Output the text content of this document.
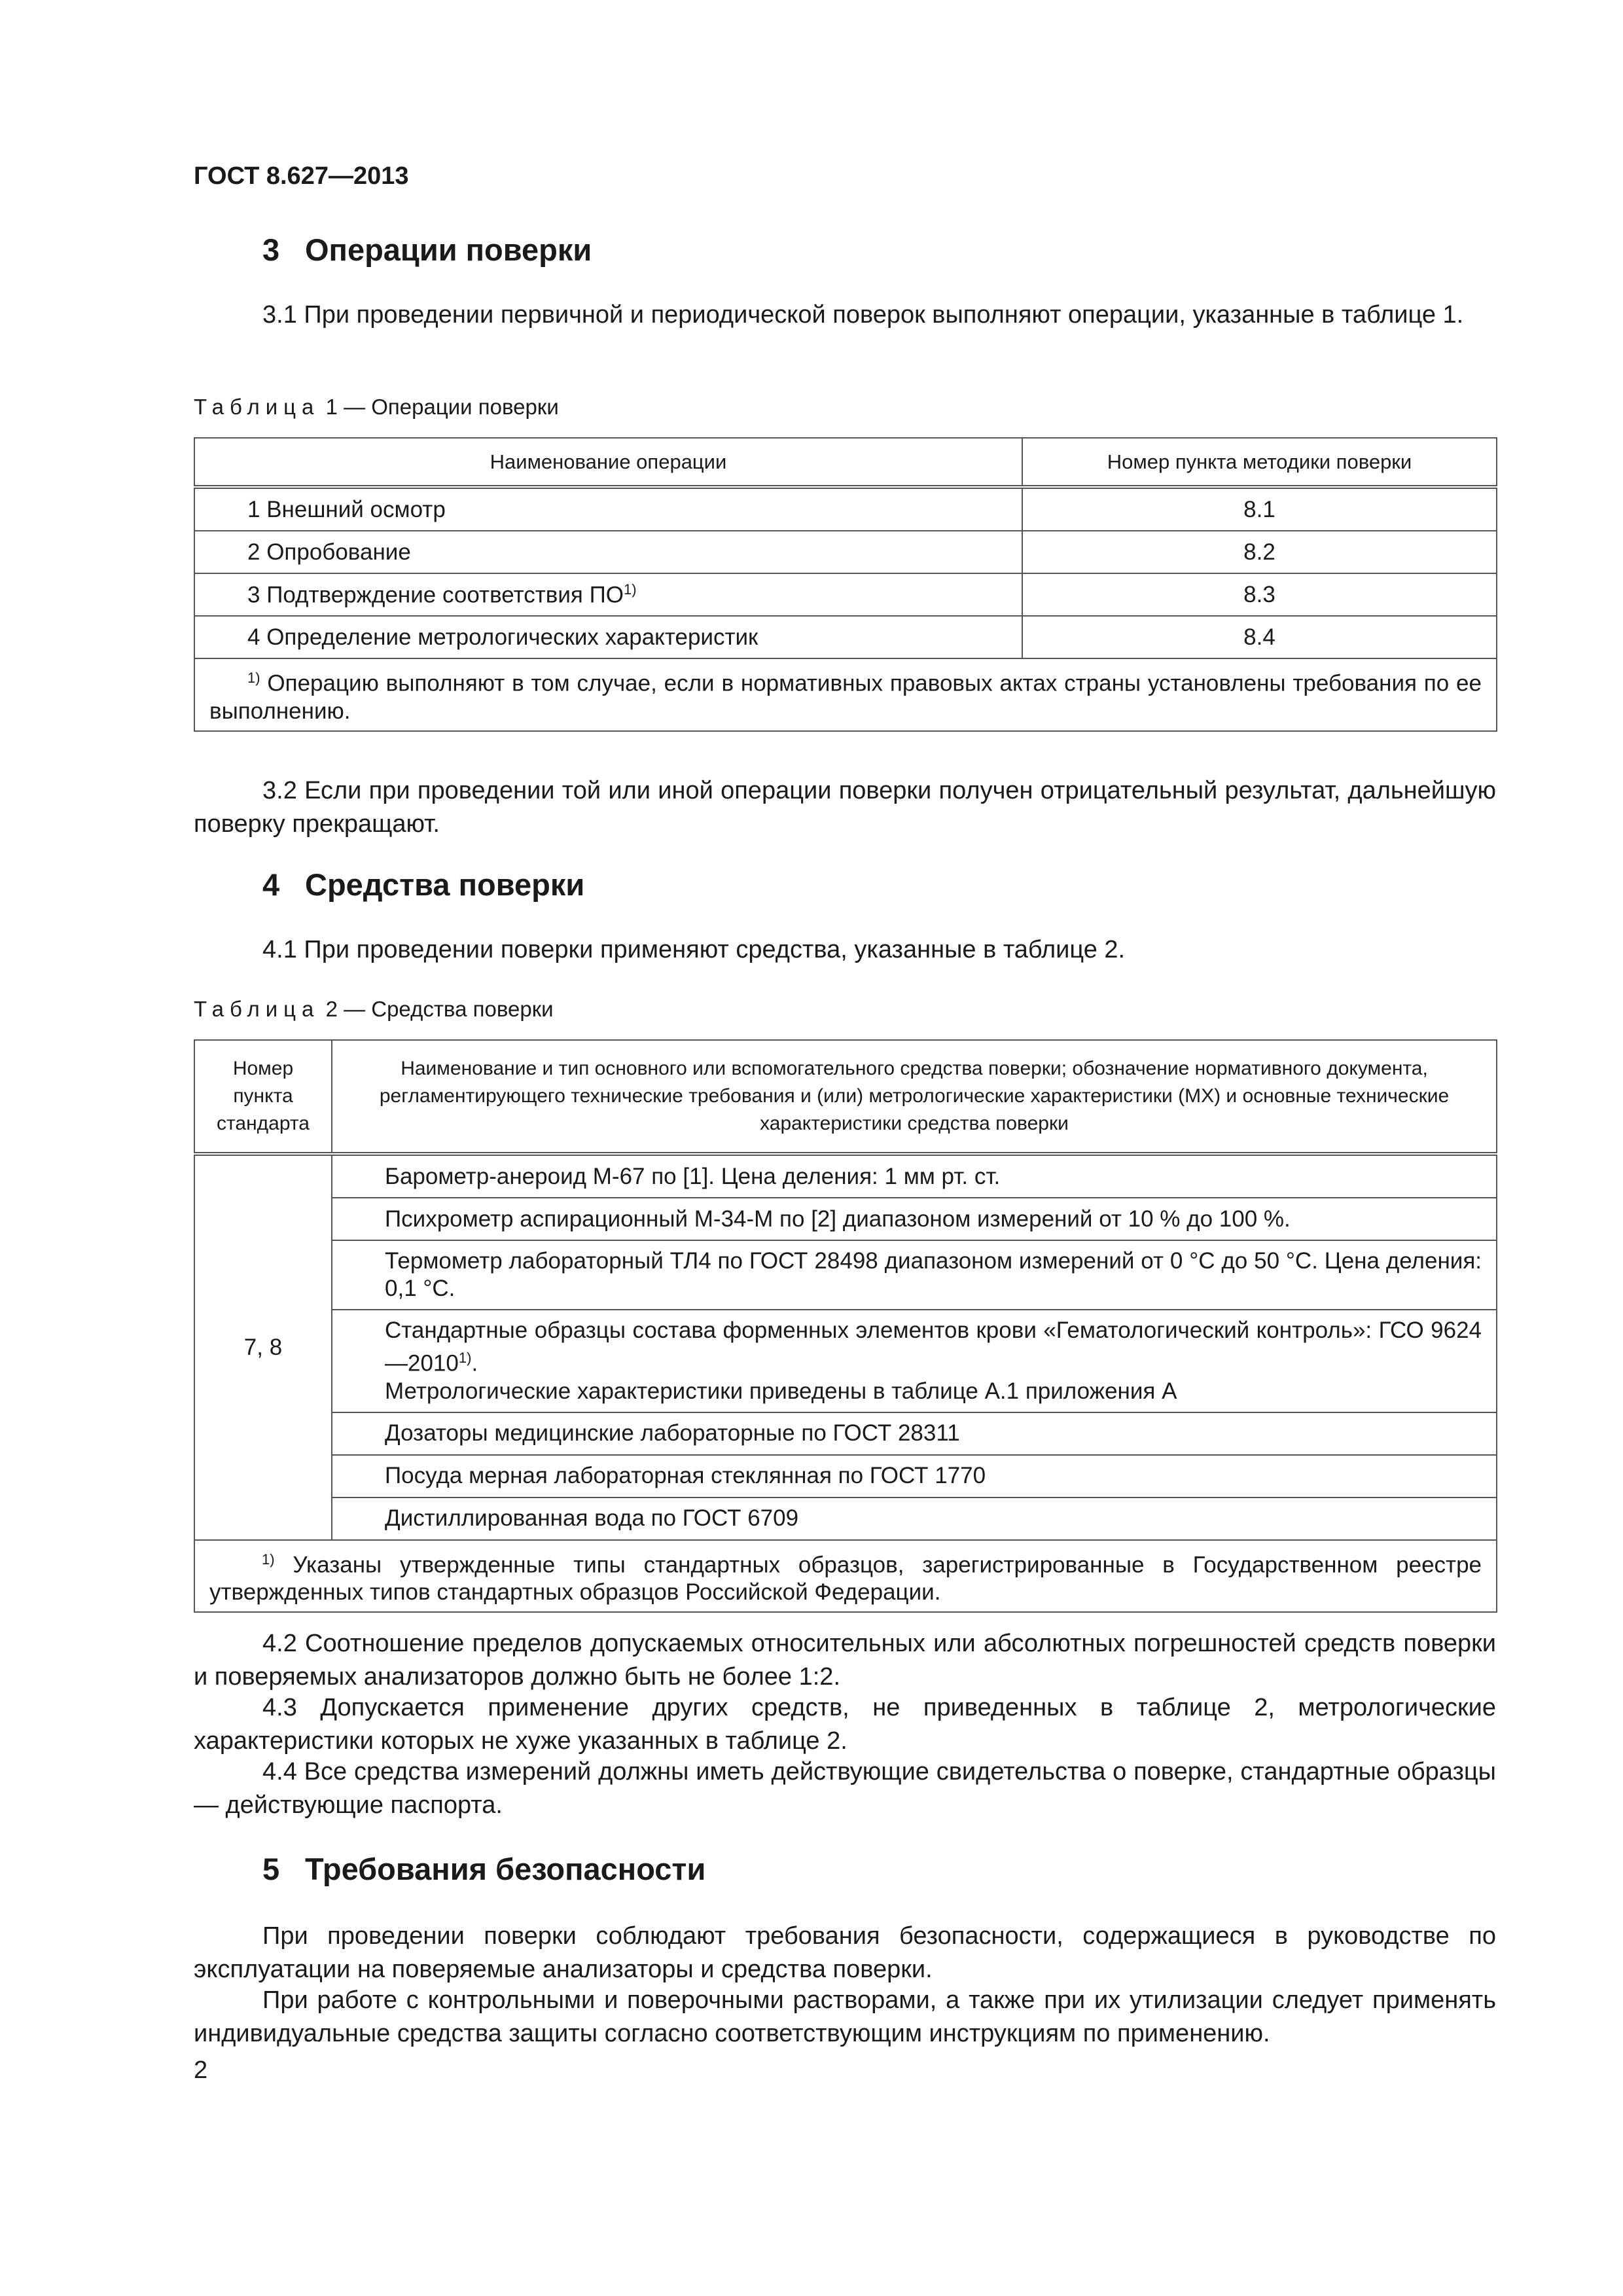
ГОСТ 8.627—2013
3 Операции поверки

3.1 При проведении первичной и периодической поверок выполняют операции, указанные в таблице 1.

Таблица 1 — Операции поверки
Наименование операции	Номер пункта методики поверки
1 Внешний осмотр	8.1
2 Опробование	8.2
3 Подтверждение соответствия ПО$^{1)}$	8.3
4 Определение метрологических характеристик	8.4
$^{1)}$ Операцию выполняют в том случае, если в нормативных правовых актах страны установлены требования по ее выполнению.	

3.2 Если при проведении той или иной операции поверки получен отрицательный результат, дальнейшую поверку прекращают.

4 Средства поверки

4.1 При проведении поверки применяют средства, указанные в таблице 2.

Таблица 2 — Средства поверки
Номер пункта стандарта	Наименование и тип основного или вспомогательного средства поверки; обозначение нормативного документа, регламентирующего технические требования и (или) метрологические характеристики (МХ) и основные технические характеристики средства поверки
7, 8	Барометр-анероид М-67 по [1]. Цена деления: 1 мм рт. ст.
	Психрометр аспирационный М-34-М по [2] диапазоном измерений от 10 % до 100 %.
	Термометр лабораторный ТЛ4 по ГОСТ 28498 диапазоном измерений от 0 °С до 50 °С. Цена деления: 0,1 °С.
	Стандартные образцы состава форменных элементов крови «Гематологический контроль»: ГСО 9624—2010$^{1)}$.
Метрологические характеристики приведены в таблице А.1 приложения А

	Дозаторы медицинские лабораторные по ГОСТ 28311
	Посуда мерная лабораторная стеклянная по ГОСТ 1770
	Дистиллированная вода по ГОСТ 6709
$^{1)}$ Указаны утвержденные типы стандартных образцов, зарегистрированные в Государственном реестре утвержденных типов стандартных образцов Российской Федерации.	

4.2 Соотношение пределов допускаемых относительных или абсолютных погрешностей средств поверки и поверяемых анализаторов должно быть не более 1:2.

4.3 Допускается применение других средств, не приведенных в таблице 2, метрологические характеристики которых не хуже указанных в таблице 2.

4.4 Все средства измерений должны иметь действующие свидетельства о поверке, стандартные образцы — действующие паспорта.

5 Требования безопасности

При проведении поверки соблюдают требования безопасности, содержащиеся в руководстве по эксплуатации на поверяемые анализаторы и средства поверки.

При работе с контрольными и поверочными растворами, а также при их утилизации следует применять индивидуальные средства защиты согласно соответствующим инструкциям по применению.

2
